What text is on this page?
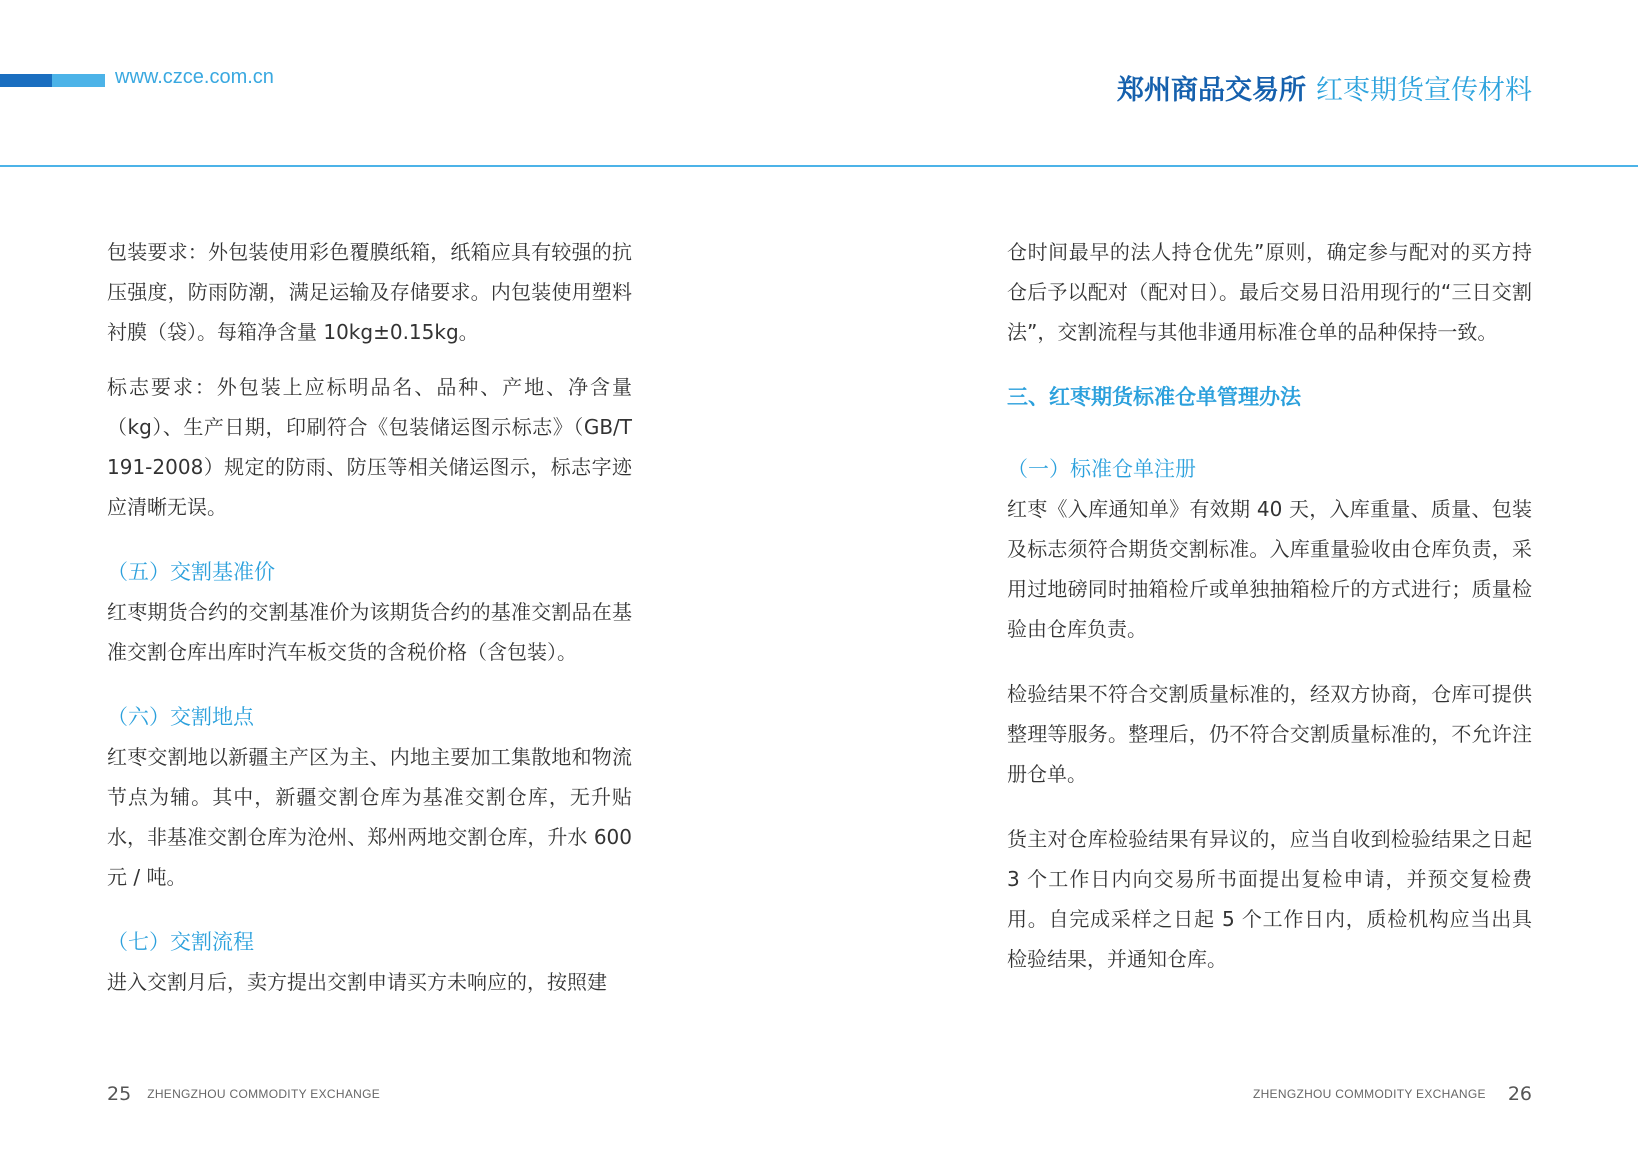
www.czce.com.cn	郑州商品交易所 红枣期货宣传材料

包装要求：外包装使用彩色覆膜纸箱，纸箱应具有较强的抗压强度，防雨防潮，满足运输及存储要求。内包装使用塑料衬膜（袋）。每箱净含量 10kg±0.15kg。

标志要求：外包装上应标明品名、品种、产地、净含量（kg）、生产日期，印刷符合《包装储运图示标志》（GB/T 191-2008）规定的防雨、防压等相关储运图示，标志字迹应清晰无误。

（五）交割基准价

红枣期货合约的交割基准价为该期货合约的基准交割品在基准交割仓库出库时汽车板交货的含税价格（含包装）。

（六）交割地点

红枣交割地以新疆主产区为主、内地主要加工集散地和物流节点为辅。其中，新疆交割仓库为基准交割仓库，无升贴水，非基准交割仓库为沧州、郑州两地交割仓库，升水 600 元 / 吨。

（七）交割流程

进入交割月后，卖方提出交割申请买方未响应的，按照建

仓时间最早的法人持仓优先”原则，确定参与配对的买方持仓后予以配对（配对日）。最后交易日沿用现行的“三日交割法”，交割流程与其他非通用标准仓单的品种保持一致。

三、红枣期货标准仓单管理办法
（一）标准仓单注册

红枣《入库通知单》有效期 40 天，入库重量、质量、包装及标志须符合期货交割标准。入库重量验收由仓库负责，采用过地磅同时抽箱检斤或单独抽箱检斤的方式进行；质量检验由仓库负责。

检验结果不符合交割质量标准的，经双方协商，仓库可提供整理等服务。整理后，仍不符合交割质量标准的，不允许注册仓单。

货主对仓库检验结果有异议的，应当自收到检验结果之日起 3 个工作日内向交易所书面提出复检申请，并预交复检费用。自完成采样之日起 5 个工作日内，质检机构应当出具检验结果，并通知仓库。

25 ZHENGZHOU COMMODITY EXCHANGE	ZHENGZHOU COMMODITY EXCHANGE 26
